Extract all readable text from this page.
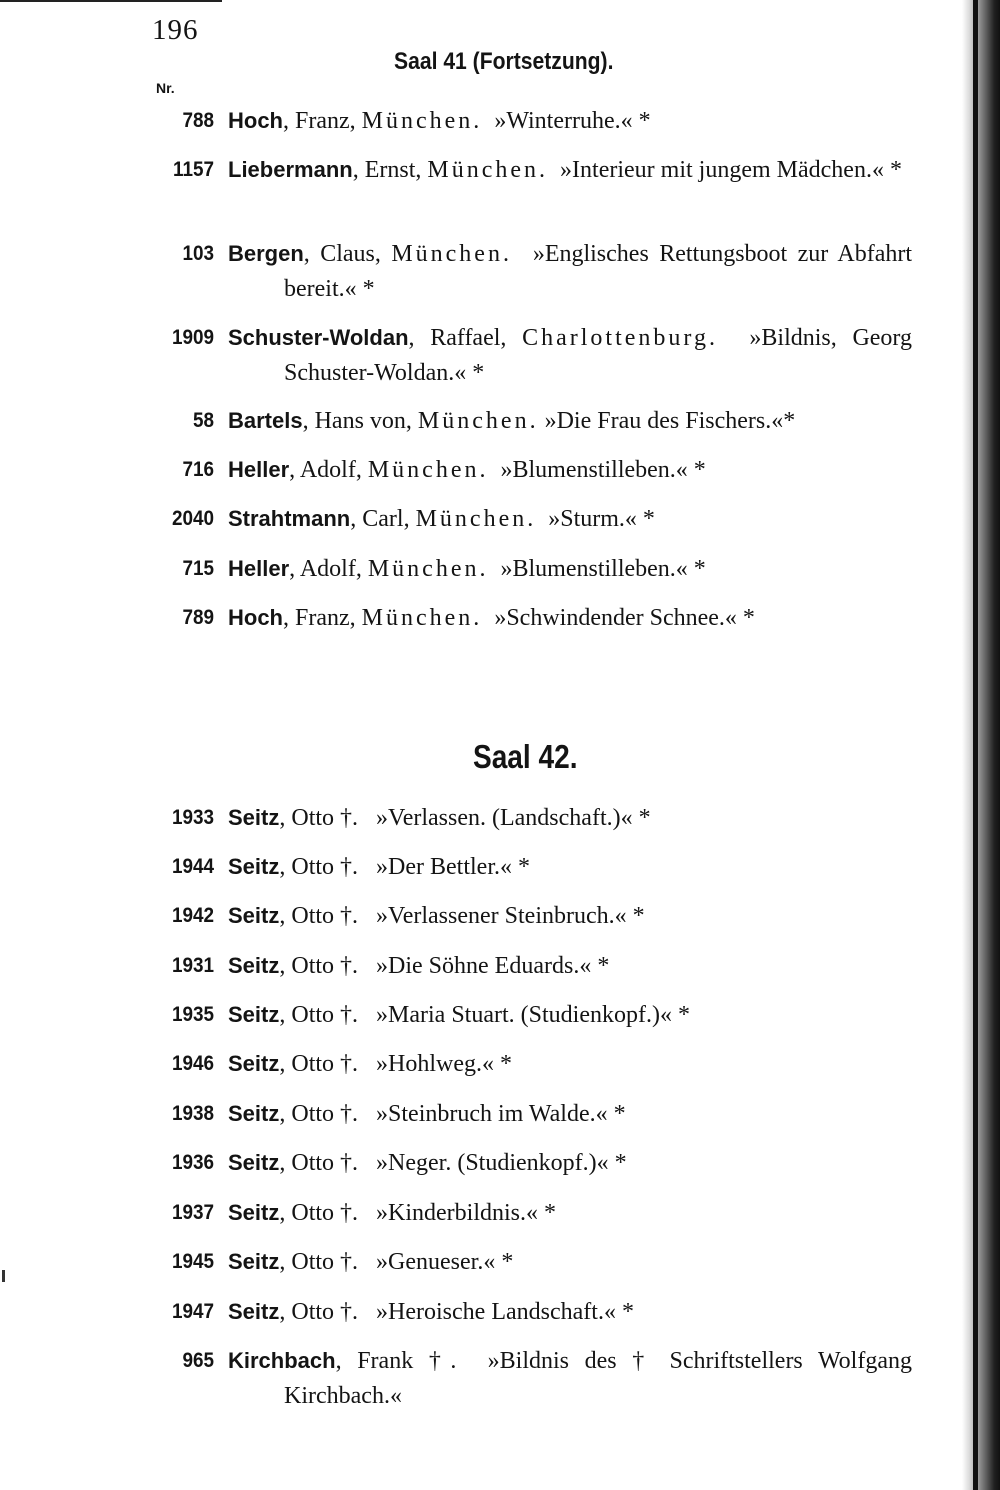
196
Saal 41 (Fortsetzung).
Nr.
788 Hoch, Franz, München. »Winterruhe.« *
1157 Liebermann, Ernst, München. »Interieur mit jungem Mädchen.« *
103 Bergen, Claus, München. »Englisches Rettungsboot zur Abfahrt bereit.« *
1909 Schuster-Woldan, Raffael, Charlottenburg. »Bildnis, Georg Schuster-Woldan.« *
58 Bartels, Hans von, München. »Die Frau des Fischers.«*
716 Heller, Adolf, München. »Blumenstilleben.« *
2040 Strahtmann, Carl, München. »Sturm.« *
715 Heller, Adolf, München. »Blumenstilleben.« *
789 Hoch, Franz, München. »Schwindender Schnee.« *
Saal 42.
1933 Seitz, Otto †. »Verlassen. (Landschaft.)« *
1944 Seitz, Otto †. »Der Bettler.« *
1942 Seitz, Otto †. »Verlassener Steinbruch.« *
1931 Seitz, Otto †. »Die Söhne Eduards.« *
1935 Seitz, Otto †. »Maria Stuart. (Studienkopf.)« *
1946 Seitz, Otto †. »Hohlweg.« *
1938 Seitz, Otto †. »Steinbruch im Walde.« *
1936 Seitz, Otto †. »Neger. (Studienkopf.)« *
1937 Seitz, Otto †. »Kinderbildnis.« *
1945 Seitz, Otto †. »Genueser.« *
1947 Seitz, Otto †. »Heroische Landschaft.« *
965 Kirchbach, Frank †. »Bildnis des † Schriftstellers Wolfgang Kirchbach.«
